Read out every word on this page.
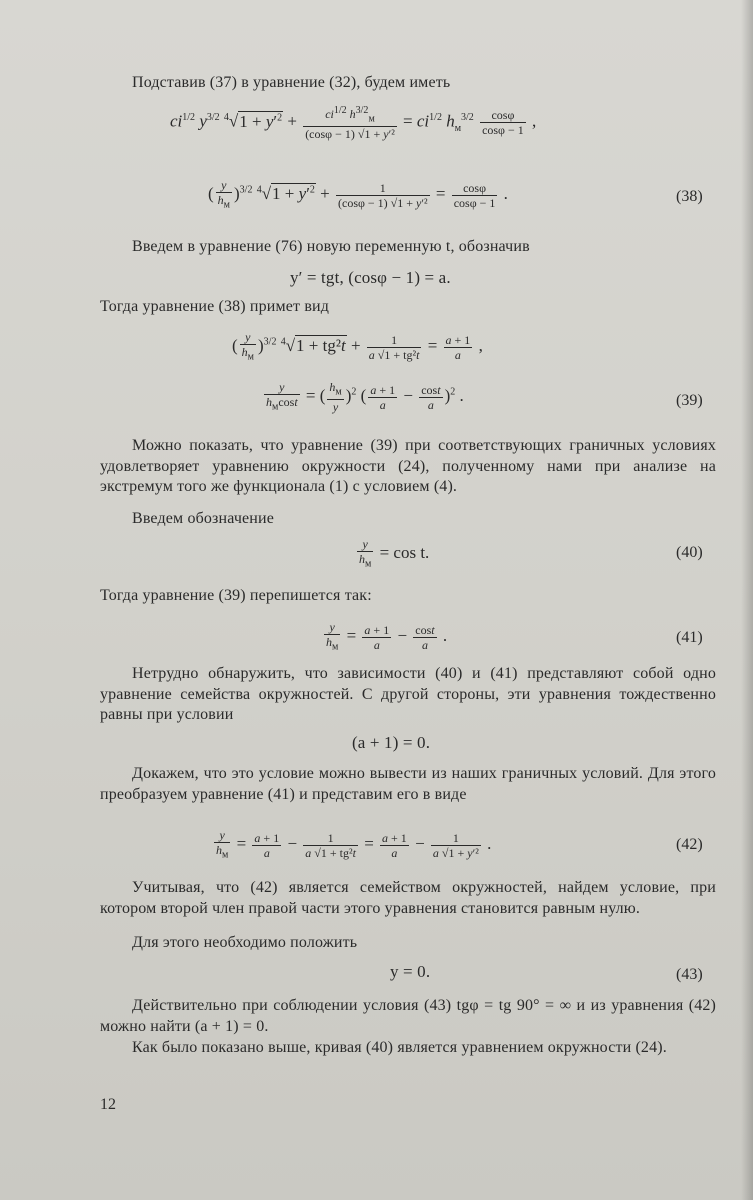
Подставив (37) в уравнение (32), будем иметь
$ci^{1/2}$ $y^{3/2}$ $^4√1 + y'^2 + \frac{ci^{1/2} h^{3/2}_м}{\text{(cosφ − 1) √1 + y′²}} = ci^{1/2}$ $h_м^{3/2} \frac{\cos\varphi}{\cos\varphi - 1}$ ,
( $\frac{y}{h_м} )^{3/2}$ $^4√1 + y'^2 + \frac{1}{\text{(cosφ − 1) √1 + y′²}} = \frac{\cos\varphi}{\cos\varphi - 1}$ .	(38)
Введем в уравнение (76) новую переменную t, обозначив
y′ = tgt, (cosφ − 1) = a.
Тогда уравнение (38) примет вид
( $\frac{y}{h_м} )^{3/2}$ $^4√1 + tg^2t + \frac{1}{\text{a √1 + tg²t}} = \frac{a + 1}{a}$ ,
$\frac{y}{h_м\cos t}$ = ( $\frac{h_м}{y} )^2$ ( $\frac{a + 1}{a} - \frac{\cos t}{a} )^2$ .	(39)
Можно показать, что уравнение (39) при соответствующих граничных условиях удовлетворяет уравнению окружности (24), полученному нами при анализе на экстремум того же функционала (1) с условием (4).
Введем обозначение
$\frac{y}{h_м} = \cos t$.	(40)
Тогда уравнение (39) перепишется так:
$\frac{y}{h_м} = \frac{a + 1}{a} - \frac{\cos t}{a}$ .	(41)
Нетрудно обнаружить, что зависимости (40) и (41) представляют собой одно уравнение семейства окружностей. С другой стороны, эти уравнения тождественно равны при условии
(a + 1) = 0.
Докажем, что это условие можно вывести из наших граничных условий. Для этого преобразуем уравнение (41) и представим его в виде
$\frac{y}{h_м} = \frac{a + 1}{a} - \frac{1}{\text{a √1 + tg²t}} = \frac{a + 1}{a} - \frac{1}{\text{a √1 + y′²}}$ .	(42)
Учитывая, что (42) является семейством окружностей, найдем условие, при котором второй член правой части этого уравнения становится равным нулю.
Для этого необходимо положить
y = 0.	(43)
Действительно при соблюдении условия (43) tgφ = tg 90° = ∞ и из уравнения (42) можно найти (a + 1) = 0.
Как было показано выше, кривая (40) является уравнением окружности (24).
12
